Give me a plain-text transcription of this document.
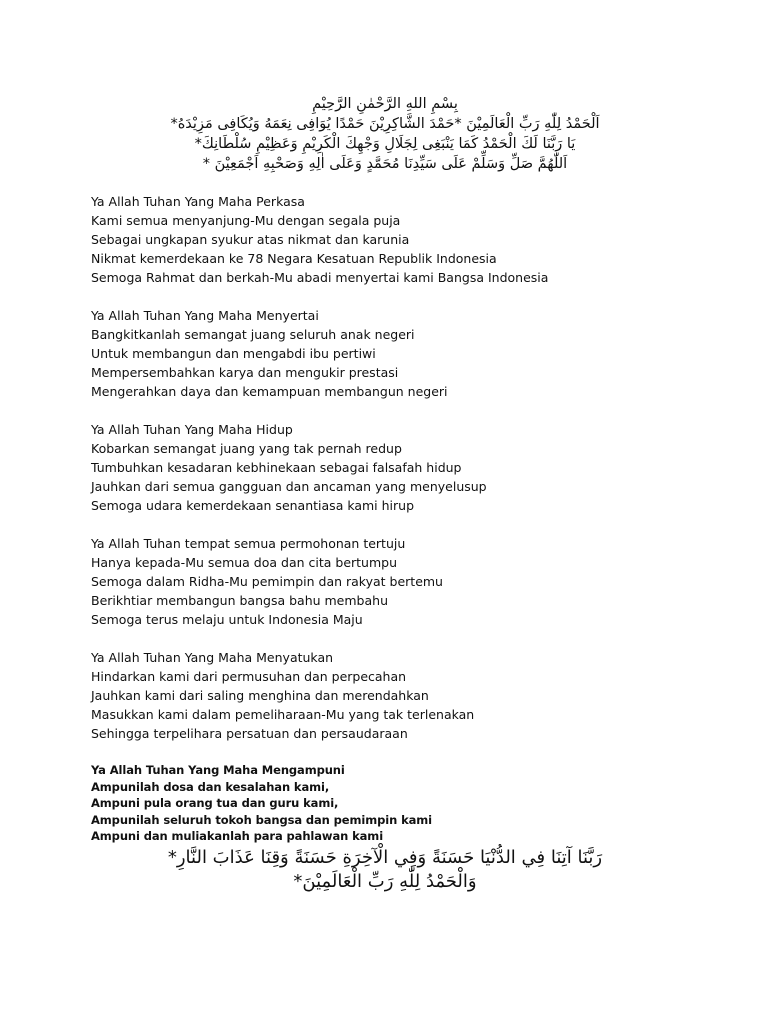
بِسْمِ اللهِ الرَّحْمٰنِ الرَّحِيْمِ
اَلْحَمْدُ لِلّٰهِ رَبِّ الْعَالَمِيْنَ *حَمْدَ الشَّاكِرِيْنَ حَمْدًا يُوَافِى نِعَمَهُ وَيُكَافِى مَزِيْدَهُ*
يَا رَبَّنَا لَكَ الْحَمْدُ كَمَا يَنْبَغِى لِجَلَالِ وَجْهِكَ الْكَرِيْمِ وَعَظِيْمِ سُلْطَانِكَ*
اَللّٰهُمَّ صَلِّ وَسَلِّمْ عَلَى سَيِّدِنَا مُحَمَّدٍ وَعَلَى اٰلِهِ وَصَحْبِهِ اَجْمَعِيْنَ *
Ya Allah Tuhan Yang Maha Perkasa
Kami semua menyanjung-Mu dengan segala puja
Sebagai ungkapan syukur atas nikmat dan karunia
Nikmat kemerdekaan ke 78 Negara Kesatuan Republik Indonesia
Semoga Rahmat dan berkah-Mu abadi menyertai kami Bangsa Indonesia
Ya Allah Tuhan Yang Maha Menyertai
Bangkitkanlah semangat juang seluruh anak negeri
Untuk membangun dan mengabdi ibu pertiwi
Mempersembahkan karya dan mengukir prestasi
Mengerahkan daya dan kemampuan membangun negeri
Ya Allah Tuhan Yang Maha Hidup
Kobarkan semangat juang yang tak pernah redup
Tumbuhkan kesadaran kebhinekaan sebagai falsafah hidup
Jauhkan dari semua gangguan dan ancaman yang menyelusup
Semoga udara kemerdekaan senantiasa kami hirup
Ya Allah Tuhan tempat semua permohonan tertuju
Hanya kepada-Mu semua doa dan cita bertumpu
Semoga dalam Ridha-Mu pemimpin dan rakyat bertemu
Berikhtiar membangun bangsa bahu membahu
Semoga terus melaju untuk Indonesia Maju
Ya Allah Tuhan Yang Maha Menyatukan
Hindarkan kami dari permusuhan dan perpecahan
Jauhkan kami dari saling menghina dan merendahkan
Masukkan kami dalam pemeliharaan-Mu yang tak terlenakan
Sehingga terpelihara persatuan dan persaudaraan
Ya Allah Tuhan Yang Maha Mengampuni
Ampunilah dosa dan kesalahan kami,
Ampuni pula orang tua dan guru kami,
Ampunilah seluruh tokoh bangsa dan pemimpin kami
Ampuni dan muliakanlah para pahlawan kami
رَبَّنَا آتِنَا فِي الدُّنْيَا حَسَنَةً وَفِي الْآخِرَةِ حَسَنَةً وَقِنَا عَذَابَ النَّارِ*
وَالْحَمْدُ لِلّٰهِ رَبِّ الْعَالَمِيْنَ*
